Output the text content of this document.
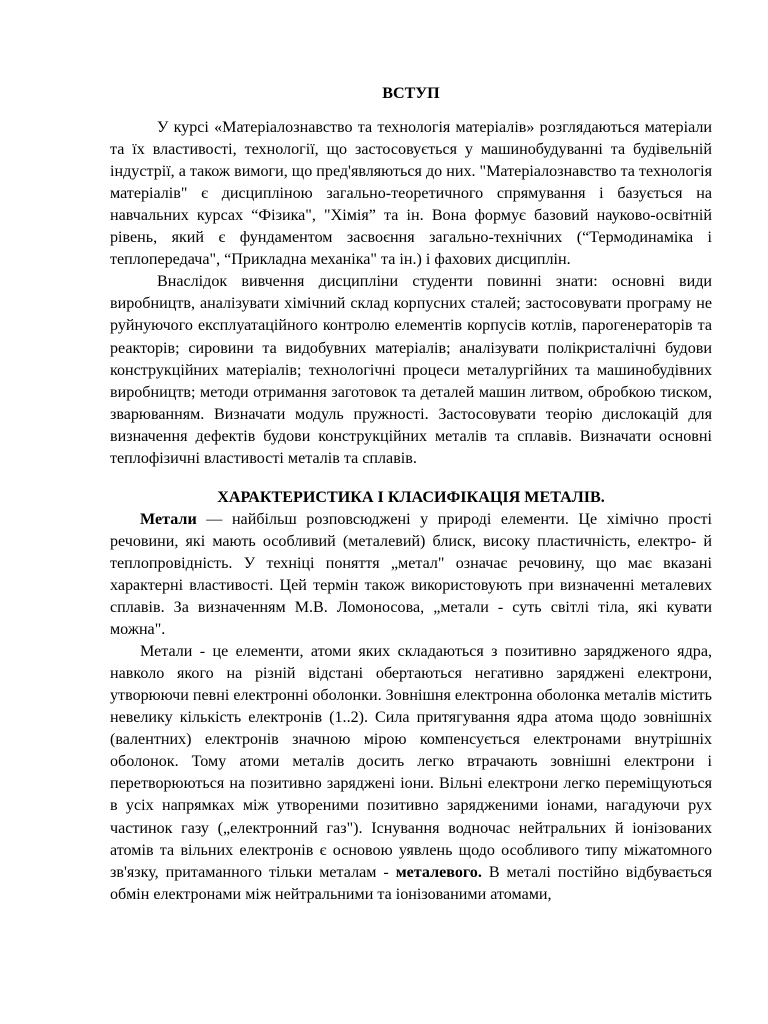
ВСТУП

У курсі «Матеріалознавство та технологія матеріалів» розглядаються матеріали та їх властивості, технології, що застосовується у машинобудуванні та будівельній індустрії, а також вимоги, що пред'являються до них. "Матеріалознавство та технологія матеріалів" є дисципліною загально-теоретичного спрямування і базується на навчальних курсах “Фізика", "Хімія” та ін. Вона формує базовий науково-освітній рівень, який є фундаментом засвоєння загально-технічних (“Термодинаміка і теплопередача", “Прикладна механіка" та ін.) і фахових дисциплін.

Внаслідок вивчення дисципліни студенти повинні знати: основні види виробництв, аналізувати хімічний склад корпусних сталей; застосовувати програму не руйнуючого експлуатаційного контролю елементів корпусів котлів, парогенераторів та реакторів; сировини та видобувних матеріалів; аналізувати полікристалічні будови конструкційних матеріалів; технологічні процеси металургійних та машинобудівних виробництв; методи отримання заготовок та деталей машин литвом, обробкою тиском, зварюванням. Визначати модуль пружності. Застосовувати теорію дислокацій для визначення дефектів будови конструкційних металів та сплавів. Визначати основні теплофізичні властивості металів та сплавів.

ХАРАКТЕРИСТИКА І КЛАСИФІКАЦІЯ МЕТАЛІВ.

Метали — найбільш розповсюджені у природі елементи. Це хімічно прості речовини, які мають особливий (металевий) блиск, високу пластичність, електро- й теплопровідність. У техніці поняття „метал" означає речовину, що має вказані характерні властивості. Цей термін також використовують при визначенні металевих сплавів. За визначенням М.В. Ломоносова, „метали - суть світлі тіла, які кувати можна".

Метали - це елементи, атоми яких складаються з позитивно зарядженого ядра, навколо якого на різній відстані обертаються негативно заряджені електрони, утворюючи певні електронні оболонки. Зовнішня електронна оболонка металів містить невелику кількість електронів (1..2). Сила притягування ядра атома щодо зовнішніх (валентних) електронів значною мірою компенсується електронами внутрішніх оболонок. Тому атоми металів досить легко втрачають зовнішні електрони і перетворюються на позитивно заряджені іони. Вільні електрони легко переміщуються в усіх напрямках між утвореними позитивно зарядженими іонами, нагадуючи рух частинок газу („електронний газ"). Існування водночас нейтральних й іонізованих атомів та вільних електронів є основою уявлень щодо особливого типу міжатомного зв'язку, притаманного тільки металам - металевого. В металі постійно відбувається обмін електронами між нейтральними та іонізованими атомами,
